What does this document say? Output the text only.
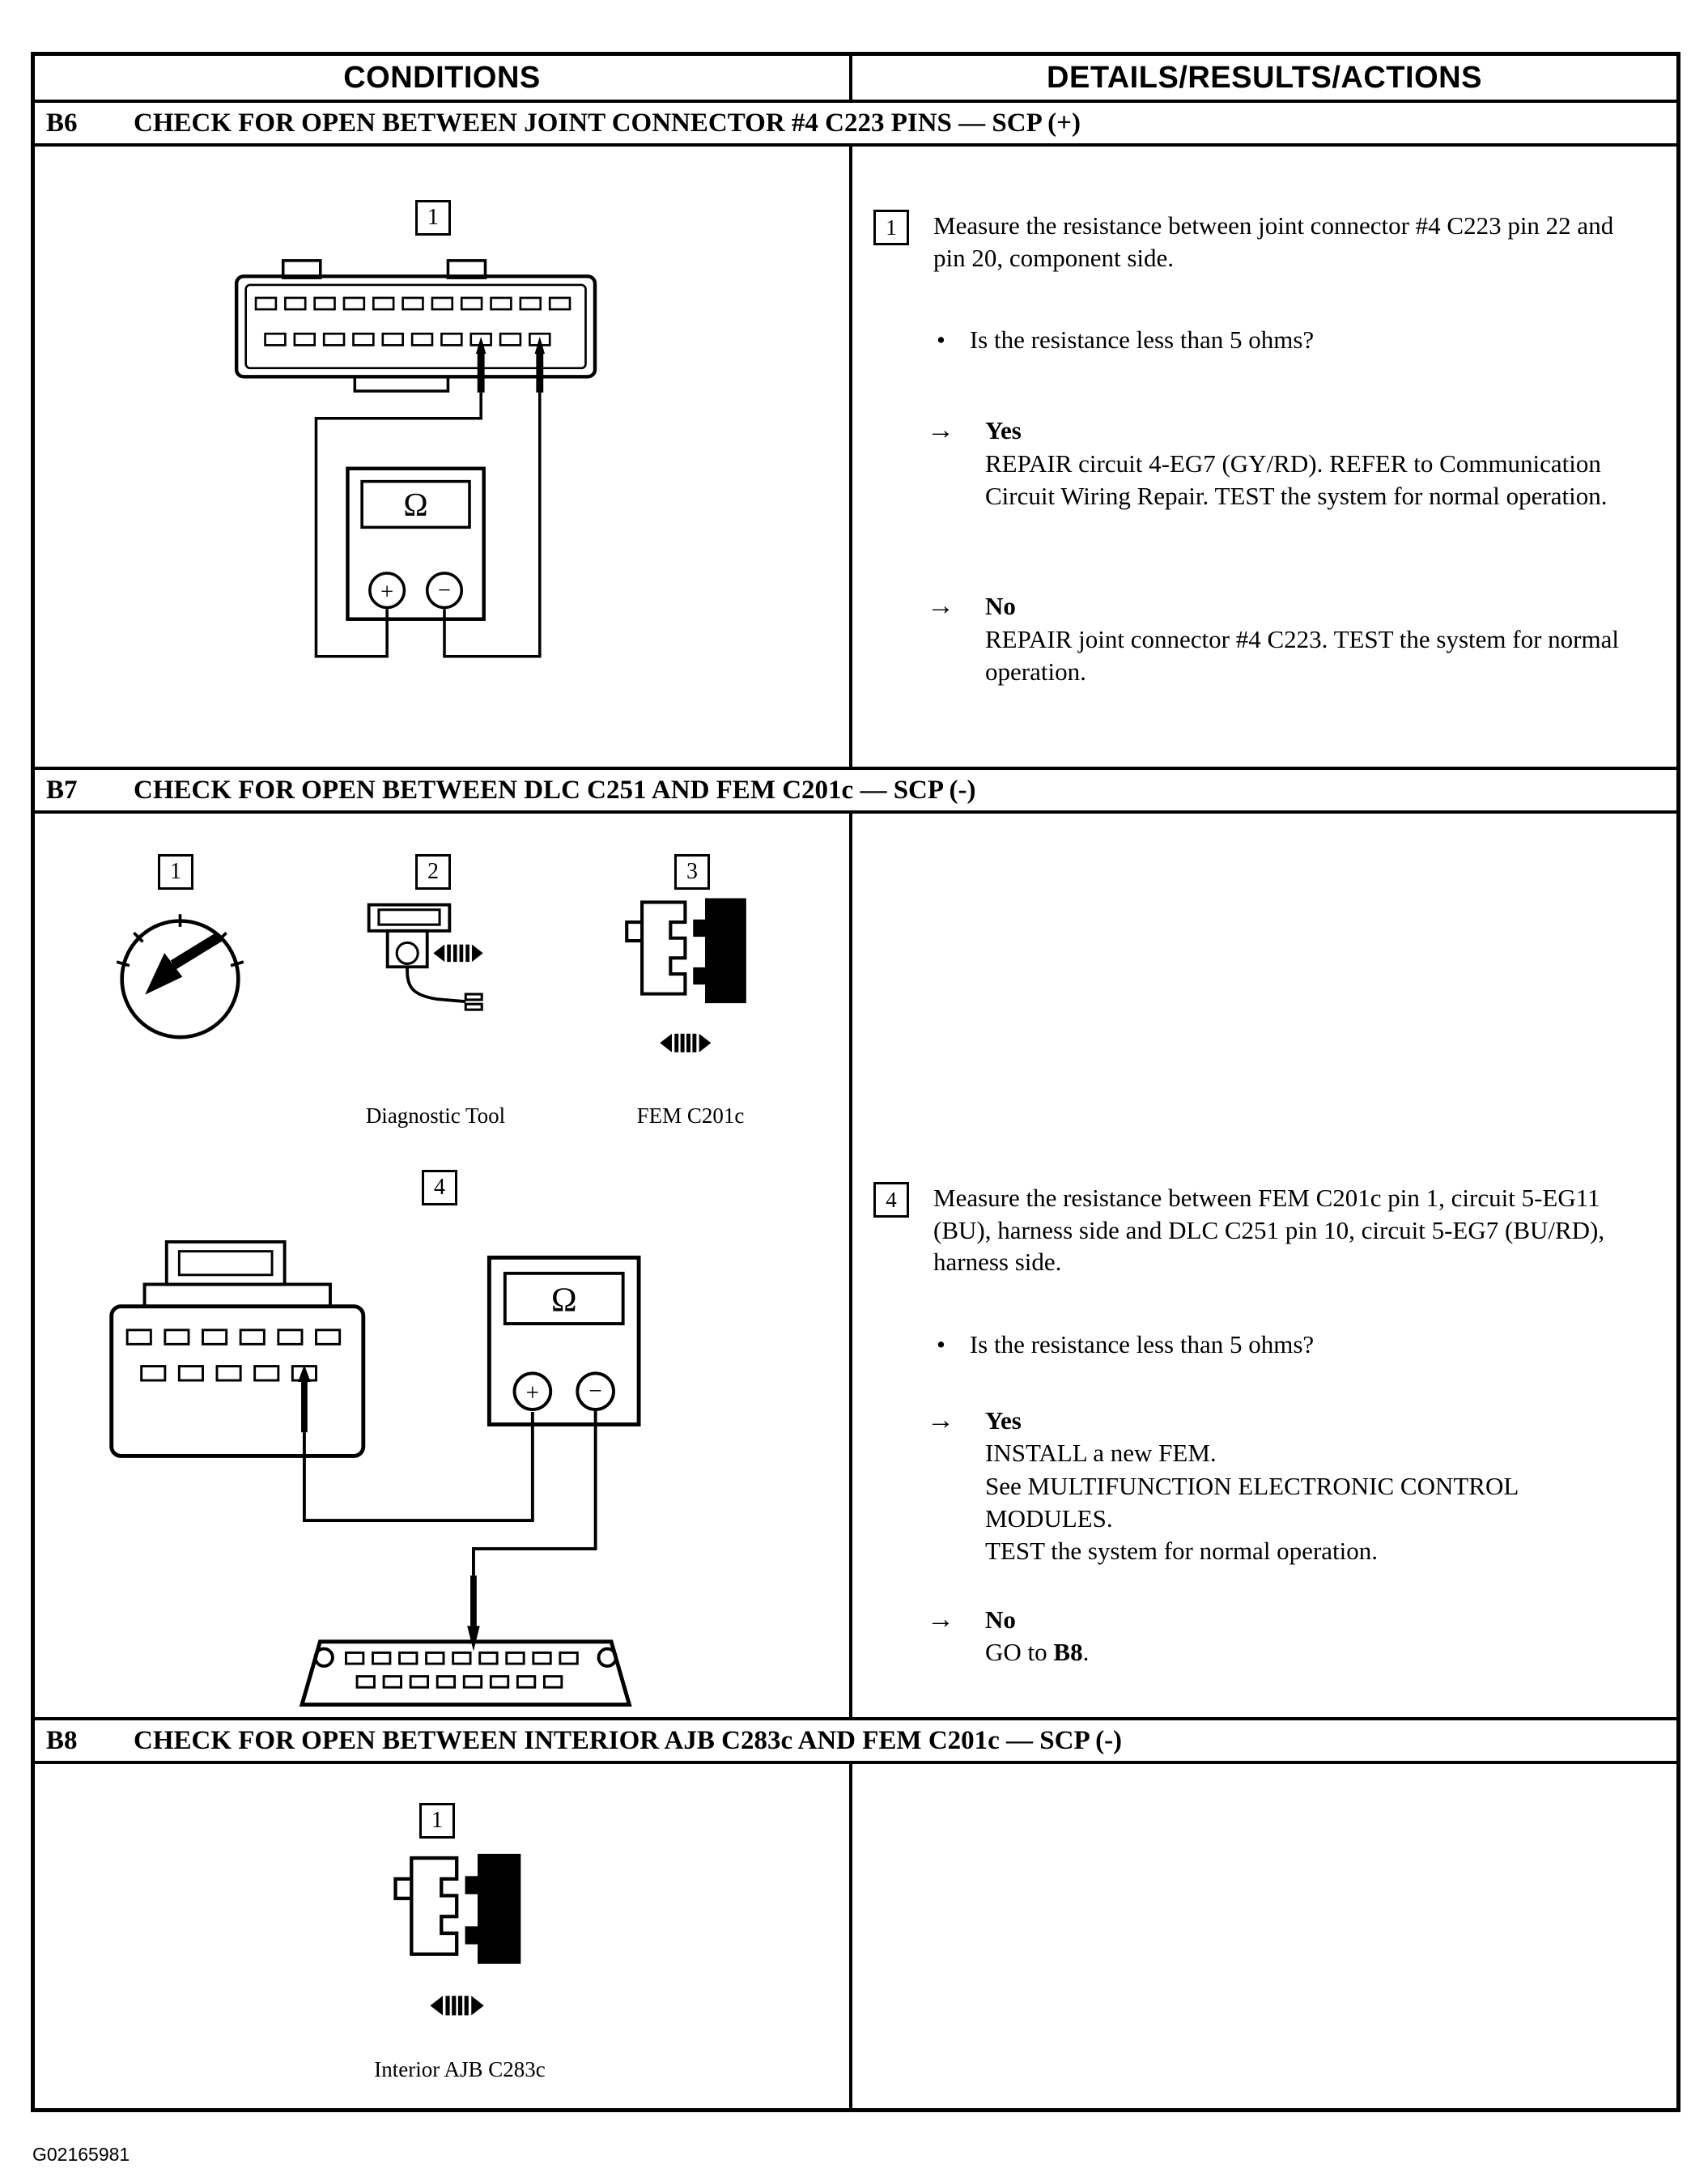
CONDITIONS	DETAILS/RESULTS/ACTIONS
B6	CHECK FOR OPEN BETWEEN JOINT CONNECTOR #4 C223 PINS — SCP (+)
1
Ω
+ −
1	Measure the resistance between joint connector #4 C223 pin 22 and pin 20, component side.
• Is the resistance less than 5 ohms?
→	Yes
REPAIR circuit 4-EG7 (GY/RD). REFER to Communication Circuit Wiring Repair. TEST the system for normal operation.
→	No
REPAIR joint connector #4 C223. TEST the system for normal operation.
B7	CHECK FOR OPEN BETWEEN DLC C251 AND FEM C201c — SCP (-)
1	2	3
Diagnostic Tool	FEM C201c
4
Ω
+ −
4	Measure the resistance between FEM C201c pin 1, circuit 5-EG11 (BU), harness side and DLC C251 pin 10, circuit 5-EG7 (BU/RD), harness side.
• Is the resistance less than 5 ohms?
→	Yes
INSTALL a new FEM.
See MULTIFUNCTION ELECTRONIC CONTROL MODULES.
TEST the system for normal operation.
→	No
GO to B8.
B8	CHECK FOR OPEN BETWEEN INTERIOR AJB C283c AND FEM C201c — SCP (-)
1
Interior AJB C283c
G02165981
